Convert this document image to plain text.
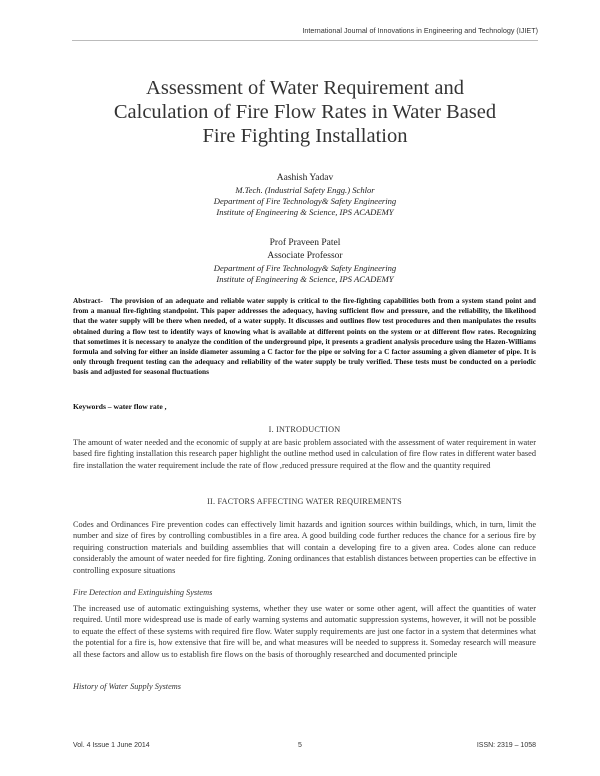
International Journal of Innovations in Engineering and Technology (IJIET)
Assessment of Water Requirement and
Calculation of Fire Flow Rates in Water Based
Fire Fighting Installation
Aashish Yadav
M.Tech. (Industrial Safety Engg.) Schlor
Department of Fire Technology& Safety Engineering
Institute of Engineering & Science, IPS ACADEMY
Prof Praveen Patel
Associate Professor
Department of Fire Technology& Safety Engineering
Institute of Engineering & Science, IPS ACADEMY
Abstract- The provision of an adequate and reliable water supply is critical to the fire-fighting capabilities both from a system stand point and from a manual fire-fighting standpoint. This paper addresses the adequacy, having sufficient flow and pressure, and the reliability, the likelihood that the water supply will be there when needed, of a water supply. It discusses and outlines flow test procedures and then manipulates the results obtained during a flow test to identify ways of knowing what is available at different points on the system or at different flow rates. Recognizing that sometimes it is necessary to analyze the condition of the underground pipe, it presents a gradient analysis procedure using the Hazen-Williams formula and solving for either an inside diameter assuming a C factor for the pipe or solving for a C factor assuming a given diameter of pipe. It is only through frequent testing can the adequacy and reliability of the water supply be truly verified. These tests must be conducted on a periodic basis and adjusted for seasonal fluctuations
Keywords – water flow rate ,
I. INTRODUCTION
The amount of water needed and the economic of supply at are basic problem associated with the assessment of water requirement in water based fire fighting installation this research paper highlight the outline method used in calculation of fire flow rates in different water based fire installation the water requirement include the rate of flow ,reduced pressure required at the flow and the quantity required
II. FACTORS AFFECTING WATER REQUIREMENTS
Codes and Ordinances Fire prevention codes can effectively limit hazards and ignition sources within buildings, which, in turn, limit the number and size of fires by controlling combustibles in a fire area. A good building code further reduces the chance for a serious fire by requiring construction materials and building assemblies that will contain a developing fire to a given area. Codes alone can reduce considerably the amount of water needed for fire fighting. Zoning ordinances that establish distances between properties can be effective in controlling exposure situations
Fire Detection and Extinguishing Systems
The increased use of automatic extinguishing systems, whether they use water or some other agent, will affect the quantities of water required. Until more widespread use is made of early warning systems and automatic suppression systems, however, it will not be possible to equate the effect of these systems with required fire flow. Water supply requirements are just one factor in a system that determines what the potential for a fire is, how extensive that fire will be, and what measures will be needed to suppress it. Someday research will measure all these factors and allow us to establish fire flows on the basis of thoroughly researched and documented principle
History of Water Supply Systems
Vol. 4 Issue 1 June 2014	5	ISSN: 2319 – 1058
